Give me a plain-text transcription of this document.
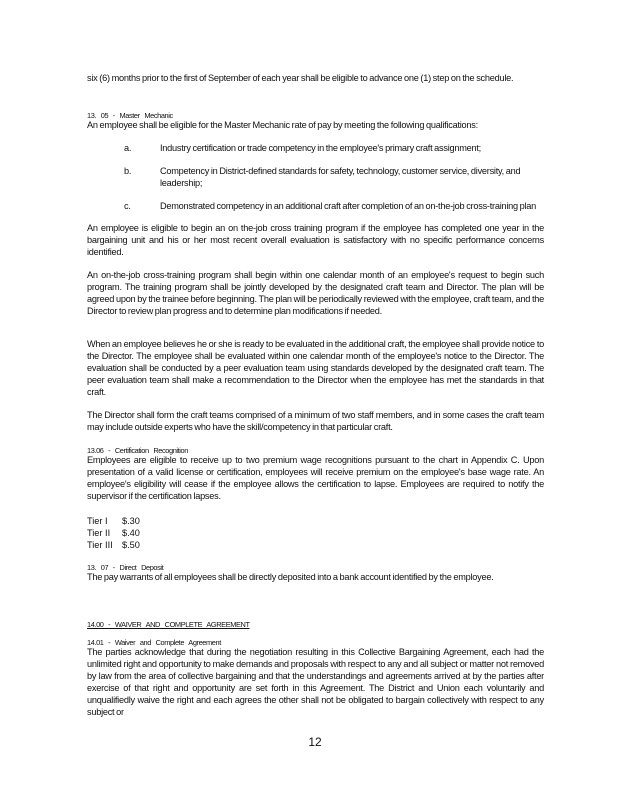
six (6) months prior to the first of September of each year shall be eligible to advance one (1) step on the schedule.

13. 05 - Master Mechanic

An employee shall be eligible for the Master Mechanic rate of pay by meeting the following qualifications:

a.	Industry certification or trade competency in the employee's primary craft assignment;
b.	Competency in District-defined standards for safety, technology, customer service, diversity, and leadership;
c.	Demonstrated competency in an additional craft after completion of an on-the-job cross-training plan

An employee is eligible to begin an on the-job cross training program if the employee has completed one year in the bargaining unit and his or her most recent overall evaluation is satisfactory with no specific performance concerns identified.

An on-the-job cross-training program shall begin within one calendar month of an employee's request to begin such program. The training program shall be jointly developed by the designated craft team and Director. The plan will be agreed upon by the trainee before beginning. The plan will be periodically reviewed with the employee, craft team, and the Director to review plan progress and to determine plan modifications if needed.

When an employee believes he or she is ready to be evaluated in the additional craft, the employee shall provide notice to the Director. The employee shall be evaluated within one calendar month of the employee's notice to the Director. The evaluation shall be conducted by a peer evaluation team using standards developed by the designated craft team. The peer evaluation team shall make a recommendation to the Director when the employee has met the standards in that craft.

The Director shall form the craft teams comprised of a minimum of two staff members, and in some cases the craft team may include outside experts who have the skill/competency in that particular craft.

13.06 - Certification Recognition

Employees are eligible to receive up to two premium wage recognitions pursuant to the chart in Appendix C. Upon presentation of a valid license or certification, employees will receive premium on the employee's base wage rate. An employee's eligibility will cease if the employee allows the certification to lapse. Employees are required to notify the supervisor if the certification lapses.

Tier I $.30
Tier II $.40
Tier III $.50
13. 07 - Direct Deposit

The pay warrants of all employees shall be directly deposited into a bank account identified by the employee.

14.00 - WAIVER AND COMPLETE AGREEMENT
14.01 - Waiver and Complete Agreement

The parties acknowledge that during the negotiation resulting in this Collective Bargaining Agreement, each had the unlimited right and opportunity to make demands and proposals with respect to any and all subject or matter not removed by law from the area of collective bargaining and that the understandings and agreements arrived at by the parties after exercise of that right and opportunity are set forth in this Agreement. The District and Union each voluntarily and unqualifiedly waive the right and each agrees the other shall not be obligated to bargain collectively with respect to any subject or

12
